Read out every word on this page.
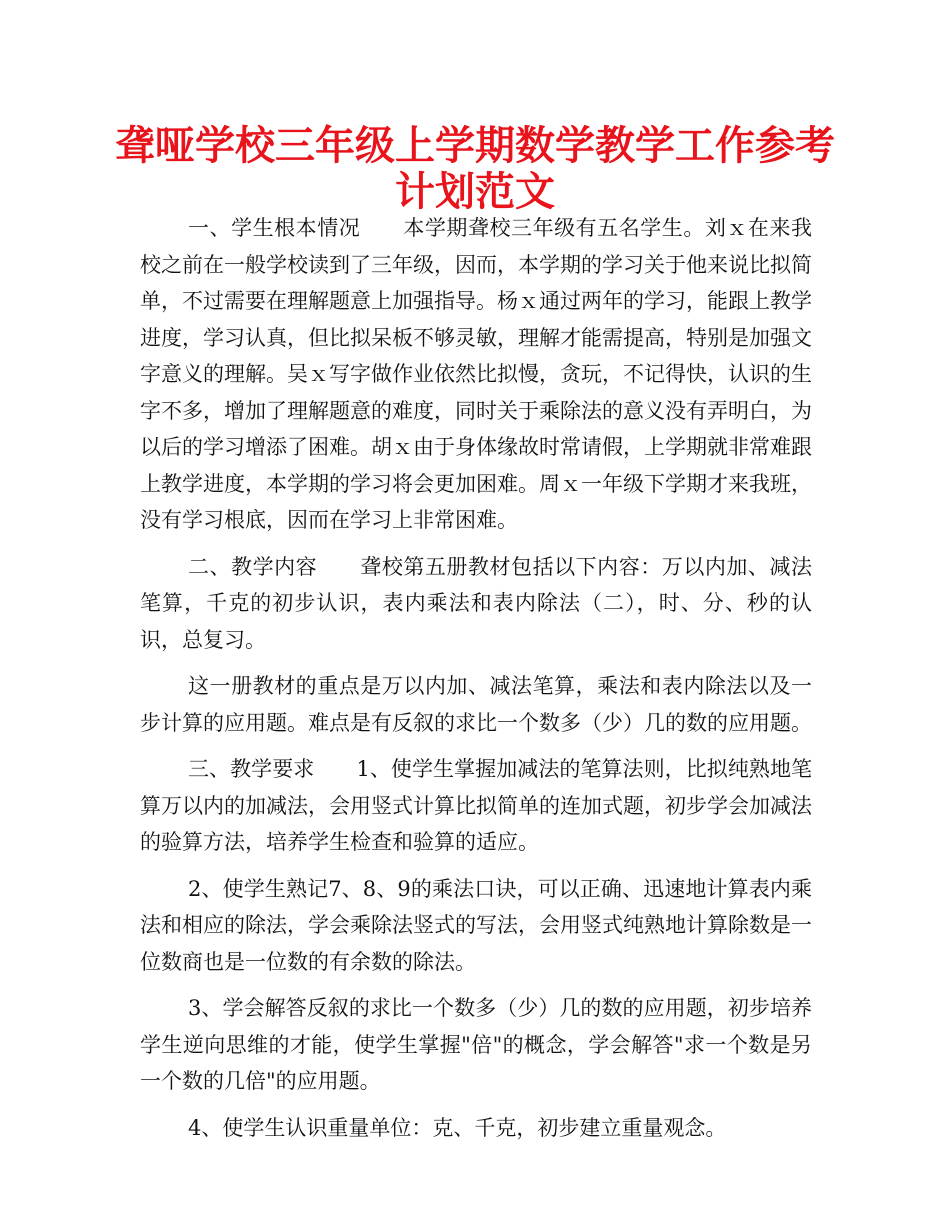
聋哑学校三年级上学期数学教学工作参考
计划范文

一、学生根本情况　　本学期聋校三年级有五名学生。刘ｘ在来我校之前在一般学校读到了三年级，因而，本学期的学习关于他来说比拟简单，不过需要在理解题意上加强指导。杨ｘ通过两年的学习，能跟上教学进度，学习认真，但比拟呆板不够灵敏，理解才能需提高，特别是加强文字意义的理解。吴ｘ写字做作业依然比拟慢，贪玩，不记得快，认识的生字不多，增加了理解题意的难度，同时关于乘除法的意义没有弄明白，为以后的学习增添了困难。胡ｘ由于身体缘故时常请假，上学期就非常难跟上教学进度，本学期的学习将会更加困难。周ｘ一年级下学期才来我班，没有学习根底，因而在学习上非常困难。

二、教学内容　　聋校第五册教材包括以下内容：万以内加、减法笔算，千克的初步认识，表内乘法和表内除法（二），时、分、秒的认识，总复习。

这一册教材的重点是万以内加、减法笔算，乘法和表内除法以及一步计算的应用题。难点是有反叙的求比一个数多（少）几的数的应用题。

三、教学要求　　1、使学生掌握加减法的笔算法则，比拟纯熟地笔算万以内的加减法，会用竖式计算比拟简单的连加式题，初步学会加减法的验算方法，培养学生检查和验算的适应。

2、使学生熟记7、8、9的乘法口诀，可以正确、迅速地计算表内乘法和相应的除法，学会乘除法竖式的写法，会用竖式纯熟地计算除数是一位数商也是一位数的有余数的除法。

3、学会解答反叙的求比一个数多（少）几的数的应用题，初步培养学生逆向思维的才能，使学生掌握"倍"的概念，学会解答"求一个数是另一个数的几倍"的应用题。

4、使学生认识重量单位：克、千克，初步建立重量观念。
